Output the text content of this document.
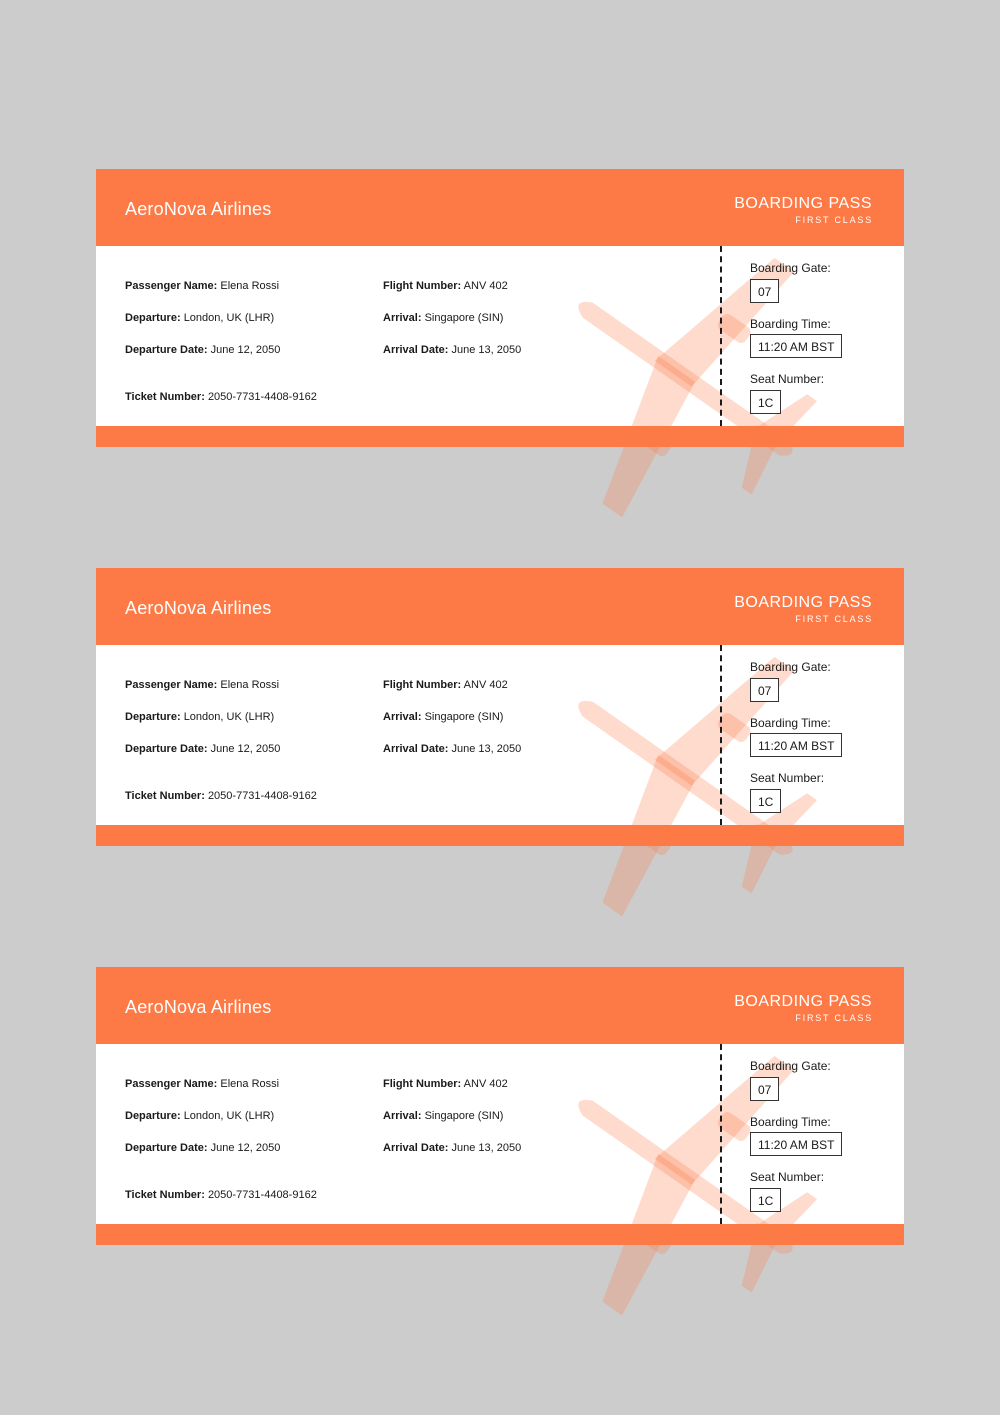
AeroNova Airlines	BOARDING PASS
FIRST CLASS
Passenger Name: Elena Rossi
Departure: London, UK (LHR)
Departure Date: June 12, 2050
Ticket Number: 2050-7731-4408-9162
Flight Number: ANV 402
Arrival: Singapore (SIN)
Arrival Date: June 13, 2050
Boarding Gate:
07
Boarding Time:
11:20 AM BST
Seat Number:
1C
AeroNova Airlines	BOARDING PASS
FIRST CLASS
Passenger Name: Elena Rossi
Departure: London, UK (LHR)
Departure Date: June 12, 2050
Ticket Number: 2050-7731-4408-9162
Flight Number: ANV 402
Arrival: Singapore (SIN)
Arrival Date: June 13, 2050
Boarding Gate:
07
Boarding Time:
11:20 AM BST
Seat Number:
1C
AeroNova Airlines	BOARDING PASS
FIRST CLASS
Passenger Name: Elena Rossi
Departure: London, UK (LHR)
Departure Date: June 12, 2050
Ticket Number: 2050-7731-4408-9162
Flight Number: ANV 402
Arrival: Singapore (SIN)
Arrival Date: June 13, 2050
Boarding Gate:
07
Boarding Time:
11:20 AM BST
Seat Number:
1C
